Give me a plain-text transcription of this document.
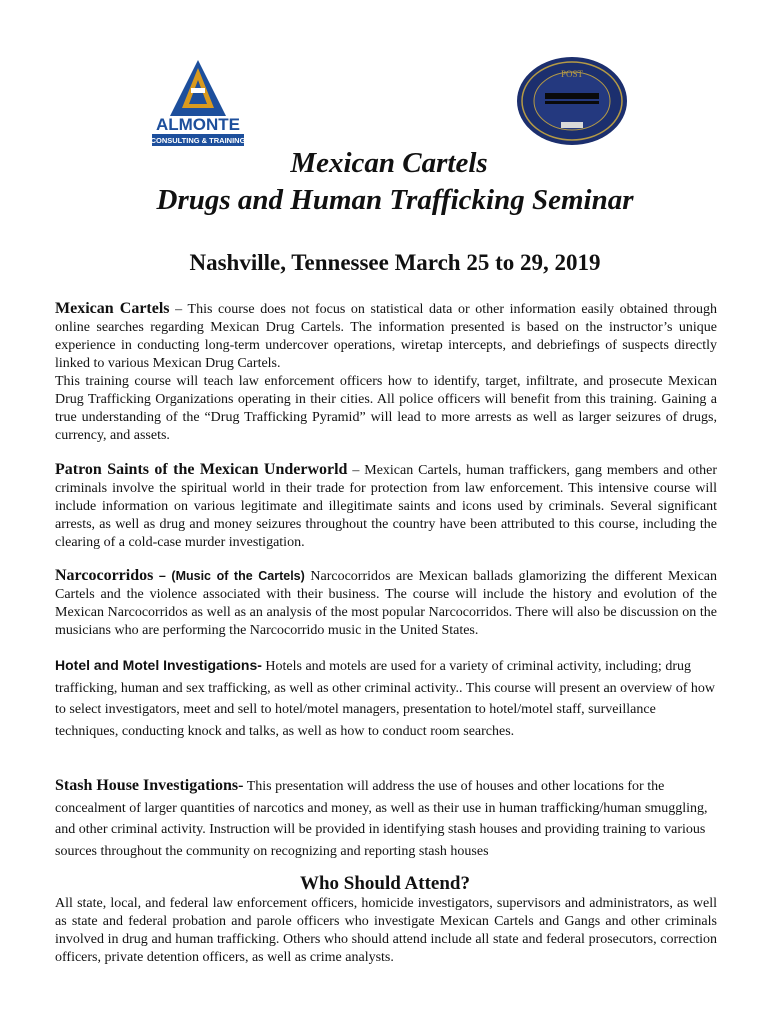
ALMONTE
CONSULTING & TRAINING
POST
Mexican Cartels
Drugs and Human Trafficking Seminar
Nashville, Tennessee March 25 to 29, 2019

Mexican Cartels – This course does not focus on statistical data or other information easily obtained through online searches regarding Mexican Drug Cartels. The information presented is based on the instructor’s unique experience in conducting long-term undercover operations, wiretap intercepts, and debriefings of suspects directly linked to various Mexican Drug Cartels.

This training course will teach law enforcement officers how to identify, target, infiltrate, and prosecute Mexican Drug Trafficking Organizations operating in their cities. All police officers will benefit from this training. Gaining a true understanding of the “Drug Trafficking Pyramid” will lead to more arrests as well as larger seizures of drugs, currency, and assets.

Patron Saints of the Mexican Underworld – Mexican Cartels, human traffickers, gang members and other criminals involve the spiritual world in their trade for protection from law enforcement. This intensive course will include information on various legitimate and illegitimate saints and icons used by criminals. Several significant arrests, as well as drug and money seizures throughout the country have been attributed to this course, including the clearing of a cold-case murder investigation.

Narcocorridos – (Music of the Cartels) Narcocorridos are Mexican ballads glamorizing the different Mexican Cartels and the violence associated with their business. The course will include the history and evolution of the Mexican Narcocorridos as well as an analysis of the most popular Narcocorridos. There will also be discussion on the musicians who are performing the Narcocorrido music in the United States.

Hotel and Motel Investigations- Hotels and motels are used for a variety of criminal activity, including; drug trafficking, human and sex trafficking, as well as other criminal activity.. This course will present an overview of how to select investigators, meet and sell to hotel/motel managers, presentation to hotel/motel staff, surveillance techniques, conducting knock and talks, as well as how to conduct room searches.

Stash House Investigations- This presentation will address the use of houses and other locations for the concealment of larger quantities of narcotics and money, as well as their use in human trafficking/human smuggling, and other criminal activity. Instruction will be provided in identifying stash houses and providing training to various sources throughout the community on recognizing and reporting stash houses

Who Should Attend?

All state, local, and federal law enforcement officers, homicide investigators, supervisors and administrators, as well as state and federal probation and parole officers who investigate Mexican Cartels and Gangs and other criminals involved in drug and human trafficking. Others who should attend include all state and federal prosecutors, correction officers, private detention officers, as well as crime analysts.
